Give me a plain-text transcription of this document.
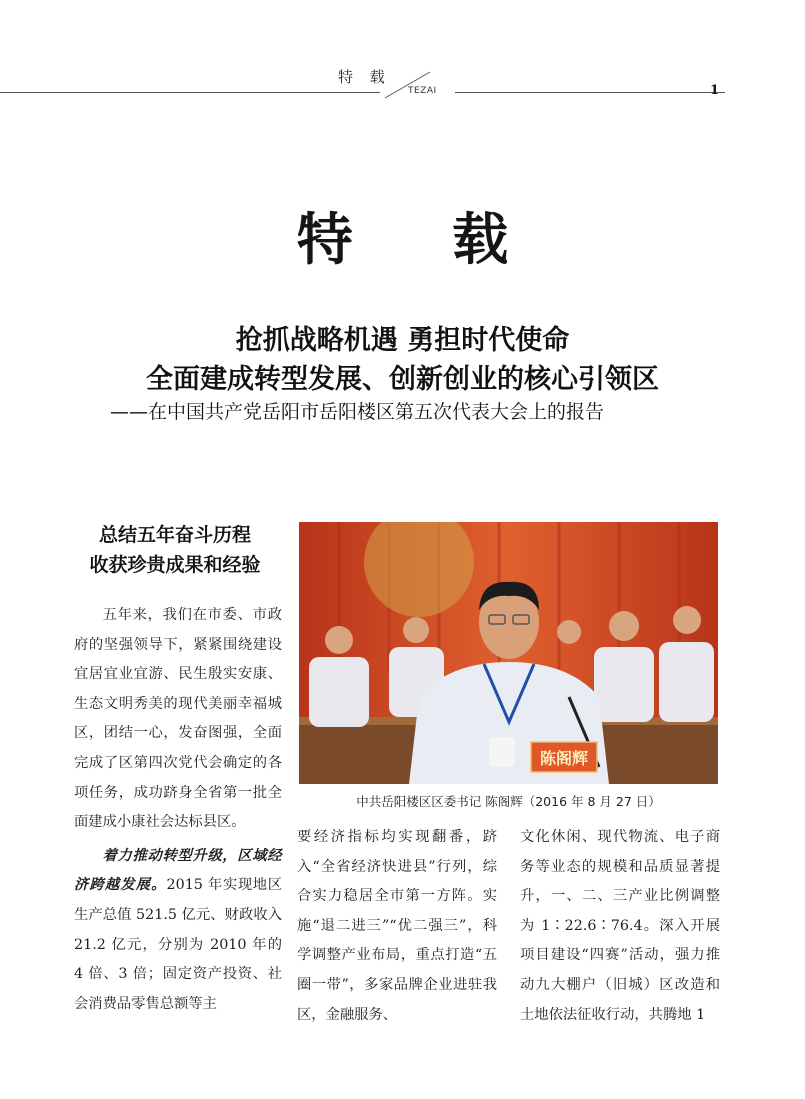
特 载
TEZAI	1
特 载
抢抓战略机遇 勇担时代使命
全面建成转型发展、创新创业的核心引领区
——在中国共产党岳阳市岳阳楼区第五次代表大会上的报告
总结五年奋斗历程
收获珍贵成果和经验

五年来，我们在市委、市政府的坚强领导下，紧紧围绕建设宜居宜业宜游、民生殷实安康、生态文明秀美的现代美丽幸福城区，团结一心，发奋图强，全面完成了区第四次党代会确定的各项任务，成功跻身全省第一批全面建成小康社会达标县区。

着力推动转型升级，区域经济跨越发展。2015 年实现地区生产总值 521.5 亿元、财政收入 21.2 亿元，分别为 2010 年的 4 倍、3 倍；固定资产投资、社会消费品零售总额等主

陈阁辉
中共岳阳楼区区委书记 陈阁辉（2016 年 8 月 27 日）

要经济指标均实现翻番，跻入“全省经济快进县”行列，综合实力稳居全市第一方阵。实施“退二进三”“优二强三”，科学调整产业布局，重点打造“五圈一带”，多家品牌企业进驻我区，金融服务、

文化休闲、现代物流、电子商务等业态的规模和品质显著提升，一、二、三产业比例调整为 1∶22.6∶76.4。深入开展项目建设“四赛”活动，强力推动九大棚户（旧城）区改造和土地依法征收行动，共腾地 1
